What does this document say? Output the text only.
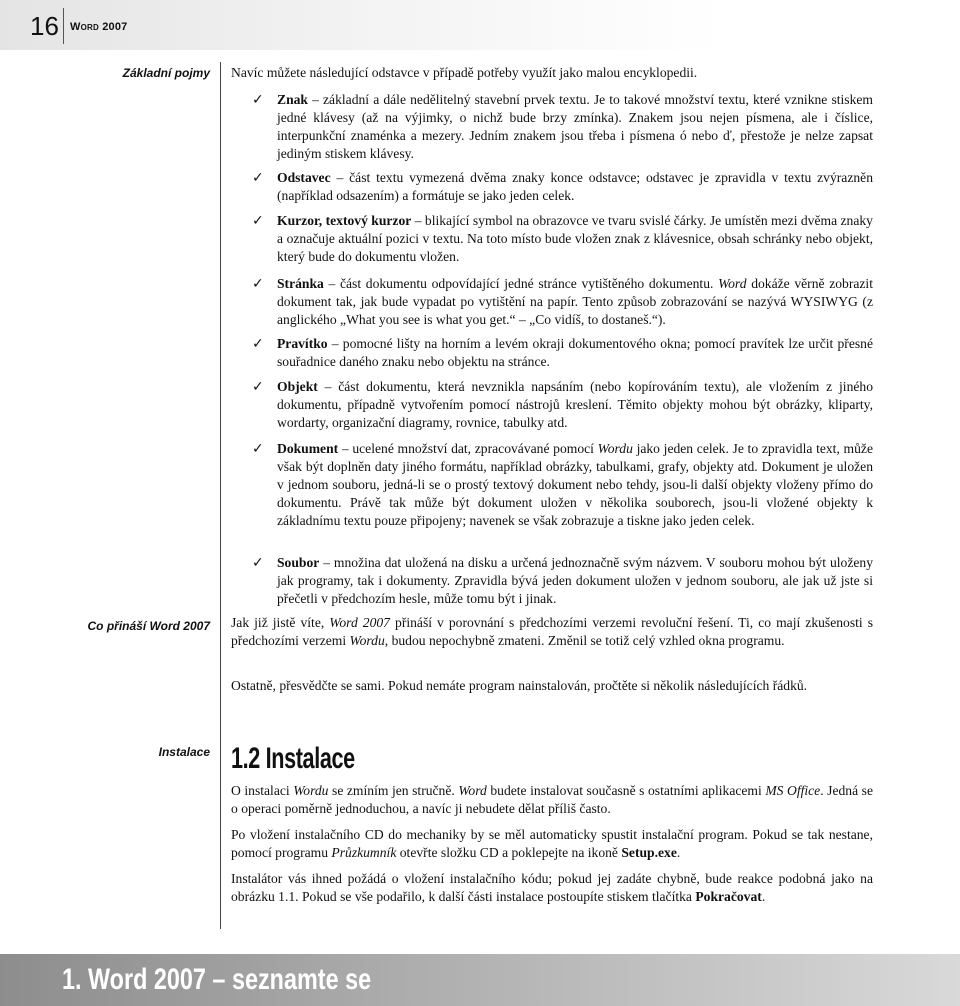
16 Word 2007
Základní pojmy
Co přináší Word 2007
Instalace

Navíc můžete následující odstavce v případě potřeby využít jako malou encyklopedii.

✓ Znak – základní a dále nedělitelný stavební prvek textu. Je to takové množství textu, které vznikne stiskem jedné klávesy (až na výjimky, o nichž bude brzy zmínka). Znakem jsou nejen písmena, ale i číslice, interpunkční znaménka a mezery. Jedním znakem jsou třeba i písmena ó nebo ď, přestože je nelze zapsat jediným stiskem klávesy.
✓ Odstavec – část textu vymezená dvěma znaky konce odstavce; odstavec je zpravidla v textu zvýrazněn (například odsazením) a formátuje se jako jeden celek.
✓ Kurzor, textový kurzor – blikající symbol na obrazovce ve tvaru svislé čárky. Je umístěn mezi dvěma znaky a označuje aktuální pozici v textu. Na toto místo bude vložen znak z klávesnice, obsah schránky nebo objekt, který bude do dokumentu vložen.
✓ Stránka – část dokumentu odpovídající jedné stránce vytištěného dokumentu. Word dokáže věrně zobrazit dokument tak, jak bude vypadat po vytištění na papír. Tento způsob zobrazování se nazývá WYSIWYG (z anglického „What you see is what you get.“ – „Co vidíš, to dostaneš.“).
✓ Pravítko – pomocné lišty na horním a levém okraji dokumentového okna; pomocí pravítek lze určit přesné souřadnice daného znaku nebo objektu na stránce.
✓ Objekt – část dokumentu, která nevznikla napsáním (nebo kopírováním textu), ale vložením z jiného dokumentu, případně vytvořením pomocí nástrojů kreslení. Těmito objekty mohou být obrázky, kliparty, wordarty, organizační diagramy, rovnice, tabulky atd.
✓ Dokument – ucelené množství dat, zpracovávané pomocí Wordu jako jeden celek. Je to zpravidla text, může však být doplněn daty jiného formátu, například obrázky, tabulkami, grafy, objekty atd. Dokument je uložen v jednom souboru, jedná-li se o prostý textový dokument nebo tehdy, jsou-li další objekty vloženy přímo do dokumentu. Právě tak může být dokument uložen v několika souborech, jsou-li vložené objekty k základnímu textu pouze připojeny; navenek se však zobrazuje a tiskne jako jeden celek.
✓ Soubor – množina dat uložená na disku a určená jednoznačně svým názvem. V souboru mohou být uloženy jak programy, tak i dokumenty. Zpravidla bývá jeden dokument uložen v jednom souboru, ale jak už jste si přečetli v předchozím hesle, může tomu být i jinak.

Jak již jistě víte, Word 2007 přináší v porovnání s předchozími verzemi revoluční řešení. Ti, co mají zkušenosti s předchozími verzemi Wordu, budou nepochybně zmateni. Změnil se totiž celý vzhled okna programu.

Ostatně, přesvědčte se sami. Pokud nemáte program nainstalován, pročtěte si několik následujících řádků.

1.2 Instalace

O instalaci Wordu se zmíním jen stručně. Word budete instalovat současně s ostatními aplikacemi MS Office. Jedná se o operaci poměrně jednoduchou, a navíc ji nebudete dělat příliš často.

Po vložení instalačního CD do mechaniky by se měl automaticky spustit instalační program. Pokud se tak nestane, pomocí programu Průzkumník otevřte složku CD a poklepejte na ikoně Setup.exe.

Instalátor vás ihned požádá o vložení instalačního kódu; pokud jej zadáte chybně, bude reakce podobná jako na obrázku 1.1. Pokud se vše podařilo, k další části instalace postoupíte stiskem tlačítka Pokračovat.

1. Word 2007 – seznamte se
